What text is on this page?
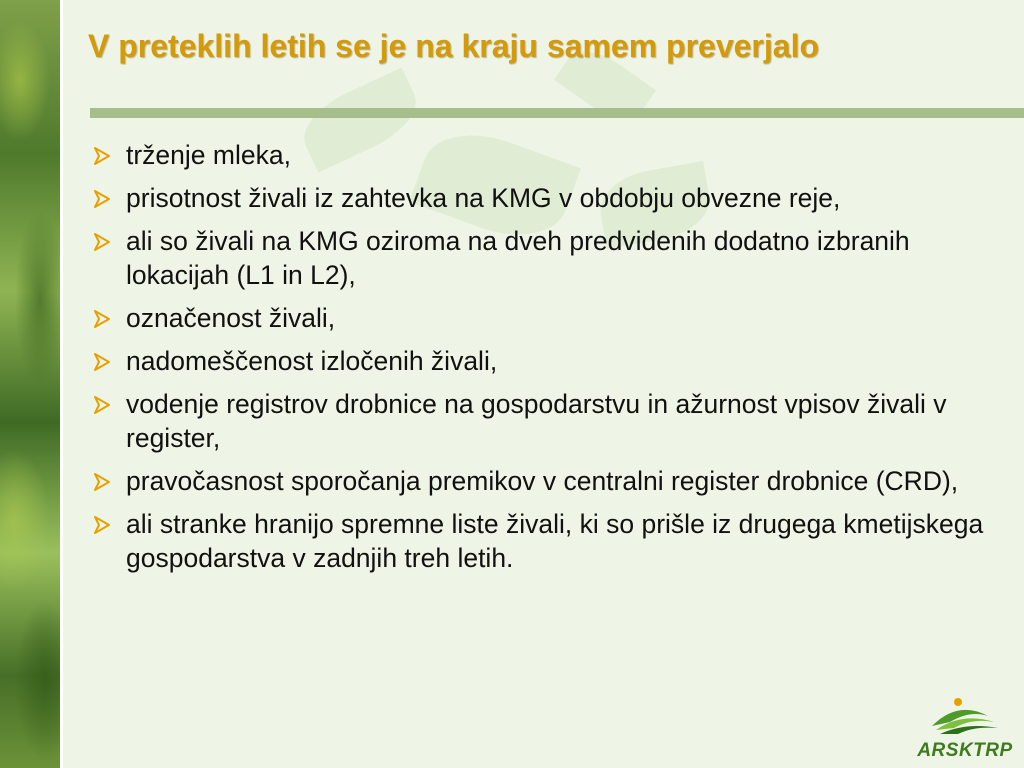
V preteklih letih se je na kraju samem preverjalo
trženje mleka,
prisotnost živali iz zahtevka na KMG v obdobju obvezne reje,
ali so živali na KMG oziroma na dveh predvidenih dodatno izbranih lokacijah (L1 in L2),
označenost živali,
nadomeščenost izločenih živali,
vodenje registrov drobnice na gospodarstvu in ažurnost vpisov živali v register,
pravočasnost sporočanja premikov v centralni register drobnice (CRD),
ali stranke hranijo spremne liste živali, ki so prišle iz drugega kmetijskega gospodarstva v zadnjih treh letih.
ARSKTRP
